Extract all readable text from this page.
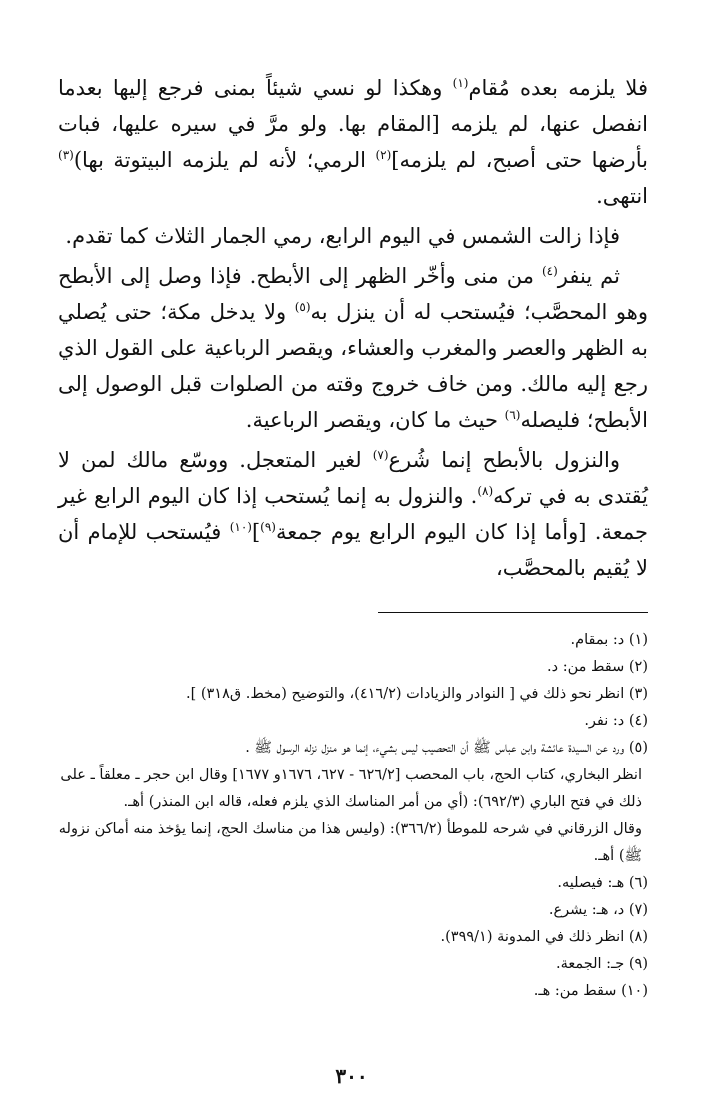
فلا يلزمه بعده مُقام$^{(١)}$ وهكذا لو نسي شيئاً بمنى فرجع إليها بعدما انفصل عنها، لم يلزمه [المقام بها. ولو مرَّ في سيره عليها، فبات بأرضها حتى أصبح، لم يلزمه]$^{(٢)}$ الرمي؛ لأنه لم يلزمه البيتوتة بها)$^{(٣)}$ انتهى.

فإذا زالت الشمس في اليوم الرابع، رمي الجمار الثلاث كما تقدم.

ثم ينفر$^{(٤)}$ من منى وأخّر الظهر إلى الأبطح. فإذا وصل إلى الأبطح وهو المحصَّب؛ فيُستحب له أن ينزل به$^{(٥)}$ ولا يدخل مكة؛ حتى يُصلي به الظهر والعصر والمغرب والعشاء، ويقصر الرباعية على القول الذي رجع إليه مالك. ومن خاف خروج وقته من الصلوات قبل الوصول إلى الأبطح؛ فليصله$^{(٦)}$ حيث ما كان، ويقصر الرباعية.

والنزول بالأبطح إنما شُرع$^{(٧)}$ لغير المتعجل. ووسّع مالك لمن لا يُقتدى به في تركه$^{(٨)}$. والنزول به إنما يُستحب إذا كان اليوم الرابع غير جمعة. [وأما إذا كان اليوم الرابع يوم جمعة$^{(٩)}$]$^{(١٠)}$ فيُستحب للإمام أن لا يُقيم بالمحصَّب،

(١) د: بمقام.
(٢) سقط من: د.
(٣) انظر نحو ذلك في [ النوادر والزيادات (٤١٦/٢)، والتوضيح (مخط. ق٣١٨) ].
(٤) د: نفر.
(٥) ورد عن السيدة عائشة وابن عباس ﷺ أن التحصيب ليس بشيء، إنما هو منزل نزله الرسول ﷺ .
انظر البخاري، كتاب الحج، باب المحصب [٦٢٦/٢ - ٦٢٧، ١٦٧٦و ١٦٧٧] وقال ابن حجر ـ معلقاً ـ على ذلك في فتح الباري (٦٩٢/٣): (أي من أمر المناسك الذي يلزم فعله، قاله ابن المنذر) أهـ.
وقال الزرقاني في شرحه للموطأ (٣٦٦/٢): (وليس هذا من مناسك الحج، إنما يؤخذ منه أماكن نزوله ﷺ) أهـ.
(٦) هـ: فيصليه.
(٧) د، هـ: يشرع.
(٨) انظر ذلك في المدونة (٣٩٩/١).
(٩) جـ: الجمعة.
(١٠) سقط من: هـ.
٣٠٠
